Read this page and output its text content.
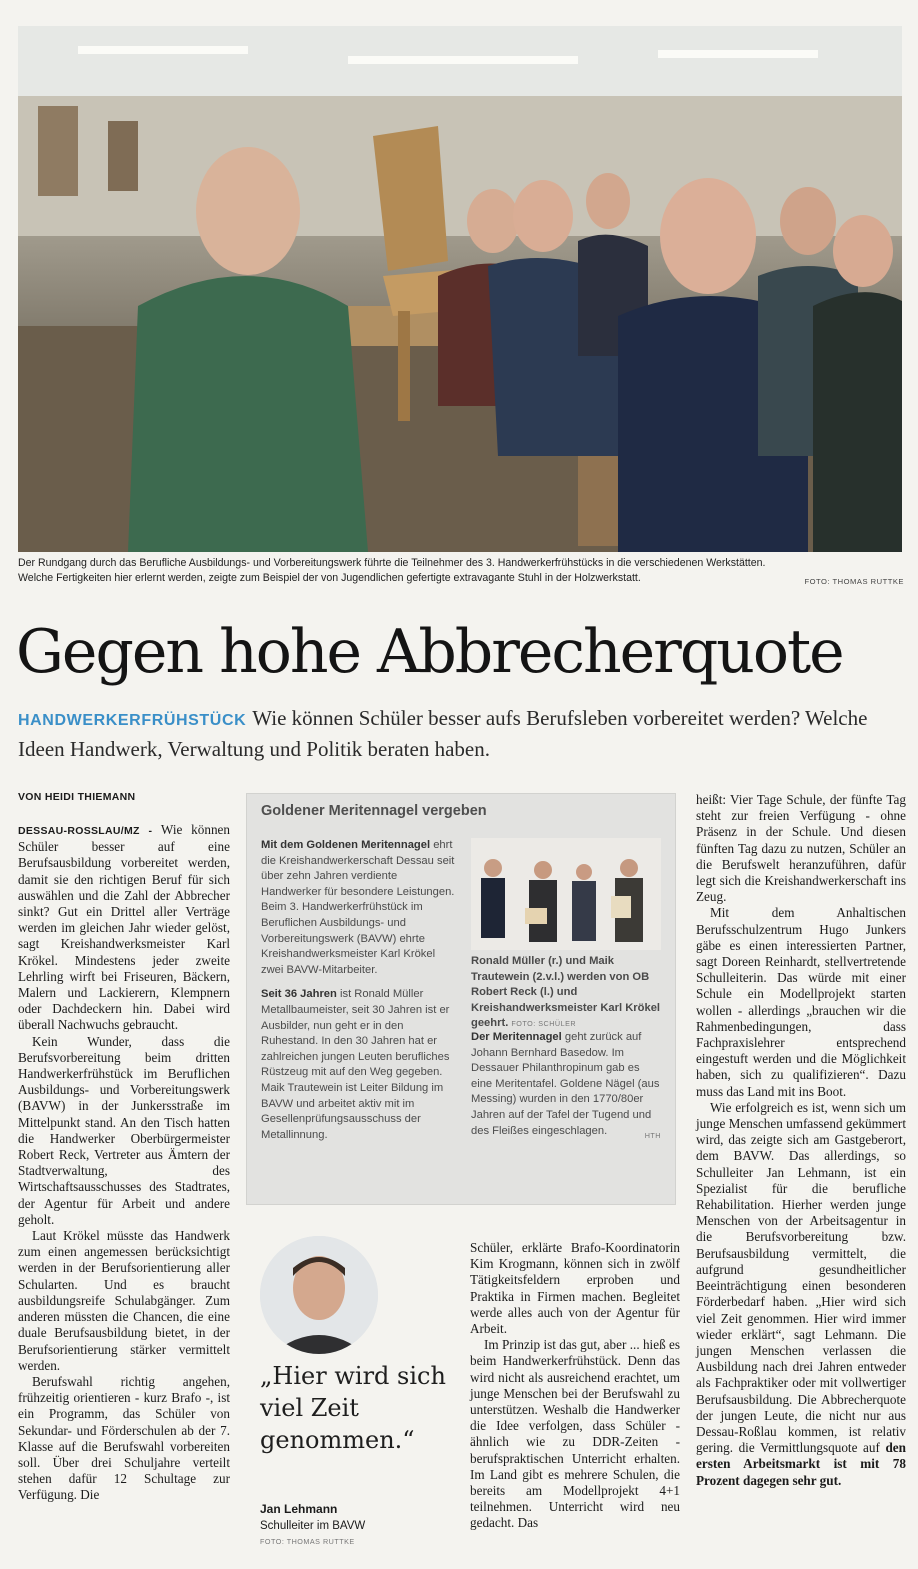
Der Rundgang durch das Berufliche Ausbildungs- und Vorbereitungswerk führte die Teilnehmer des 3. Handwerkerfrühstücks in die verschiedenen Werkstätten.
Welche Fertigkeiten hier erlernt werden, zeigte zum Beispiel der von Jugendlichen gefertigte extravagante Stuhl in der Holzwerkstatt.	FOTO: THOMAS RUTTKE
Gegen hohe Abbrecherquote
HANDWERKERFRÜHSTÜCK Wie können Schüler besser aufs Berufsleben vorbereitet werden? Welche Ideen Handwerk, Verwaltung und Politik beraten haben.
VON HEIDI THIEMANN

DESSAU-ROSSLAU/MZ - Wie können Schüler besser auf eine Berufsausbildung vorbereitet werden, damit sie den richtigen Beruf für sich auswählen und die Zahl der Abbrecher sinkt? Gut ein Drittel aller Verträge werden im gleichen Jahr wieder gelöst, sagt Kreishandwerksmeister Karl Krökel. Mindestens jeder zweite Lehrling wirft bei Friseuren, Bäckern, Malern und Lackierern, Klempnern oder Dachdeckern hin. Dabei wird überall Nachwuchs gebraucht.

Kein Wunder, dass die Berufsvorbereitung beim dritten Handwerkerfrühstück im Beruflichen Ausbildungs- und Vorbereitungswerk (BAVW) in der Junkersstraße im Mittelpunkt stand. An den Tisch hatten die Handwerker Oberbürgermeister Robert Reck, Vertreter aus Ämtern der Stadtverwaltung, des Wirtschaftsausschusses des Stadtrates, der Agentur für Arbeit und andere geholt.

Laut Krökel müsste das Handwerk zum einen angemessen berücksichtigt werden in der Berufsorientierung aller Schularten. Und es braucht ausbildungsreife Schulabgänger. Zum anderen müssten die Chancen, die eine duale Berufsausbildung bietet, in der Berufsorientierung stärker vermittelt werden.

Berufswahl richtig angehen, frühzeitig orientieren - kurz Brafo -, ist ein Programm, das Schüler von Sekundar- und Förderschulen ab der 7. Klasse auf die Berufswahl vorbereiten soll. Über drei Schuljahre verteilt stehen dafür 12 Schultage zur Verfügung. Die

Goldener Meritennagel vergeben

Mit dem Goldenen Meritennagel ehrt die Kreishandwerkerschaft Dessau seit über zehn Jahren verdiente Handwerker für besondere Leistungen. Beim 3. Handwerkerfrühstück im Beruflichen Ausbildungs- und Vorbereitungswerk (BAVW) ehrte Kreishandwerksmeister Karl Krökel zwei BAVW-Mitarbeiter.

Seit 36 Jahren ist Ronald Müller Metallbaumeister, seit 30 Jahren ist er Ausbilder, nun geht er in den Ruhestand. In den 30 Jahren hat er zahlreichen jungen Leuten berufliches Rüstzeug mit auf den Weg gegeben. Maik Trautewein ist Leiter Bildung im BAVW und arbeitet aktiv mit im Gesellenprüfungsausschuss der Metallinnung.

Ronald Müller (r.) und Maik Trautewein (2.v.l.) werden von OB Robert Reck (l.) und Kreishandwerksmeister Karl Krökel geehrt. FOTO: SCHÜLER

Der Meritennagel geht zurück auf Johann Bernhard Basedow. Im Dessauer Philanthropinum gab es eine Meritentafel. Goldene Nägel (aus Messing) wurden in den 1770/80er Jahren auf der Tafel der Tugend und des Fleißes eingeschlagen.	HTH

„Hier wird sich viel Zeit genommen.“
Jan Lehmann
Schulleiter im BAVW
FOTO: THOMAS RUTTKE

Schüler, erklärte Brafo-Koordinatorin Kim Krogmann, können sich in zwölf Tätigkeitsfeldern erproben und Praktika in Firmen machen. Begleitet werde alles auch von der Agentur für Arbeit.

Im Prinzip ist das gut, aber ... hieß es beim Handwerkerfrühstück. Denn das wird nicht als ausreichend erachtet, um junge Menschen bei der Berufswahl zu unterstützen. Weshalb die Handwerker die Idee verfolgen, dass Schüler - ähnlich wie zu DDR-Zeiten - berufspraktischen Unterricht erhalten. Im Land gibt es mehrere Schulen, die bereits am Modellprojekt 4+1 teilnehmen. Unterricht wird neu gedacht. Das

heißt: Vier Tage Schule, der fünfte Tag steht zur freien Verfügung - ohne Präsenz in der Schule. Und diesen fünften Tag dazu zu nutzen, Schüler an die Berufswelt heranzuführen, dafür legt sich die Kreishandwerkerschaft ins Zeug.

Mit dem Anhaltischen Berufsschulzentrum Hugo Junkers gäbe es einen interessierten Partner, sagt Doreen Reinhardt, stellvertretende Schulleiterin. Das würde mit einer Schule ein Modellprojekt starten wollen - allerdings „brauchen wir die Rahmenbedingungen, dass Fachpraxislehrer entsprechend eingestuft werden und die Möglichkeit haben, sich zu qualifizieren“. Dazu muss das Land mit ins Boot.

Wie erfolgreich es ist, wenn sich um junge Menschen umfassend gekümmert wird, das zeigte sich am Gastgeberort, dem BAVW. Das allerdings, so Schulleiter Jan Lehmann, ist ein Spezialist für die berufliche Rehabilitation. Hierher werden junge Menschen von der Arbeitsagentur in die Berufsvorbereitung bzw. Berufsausbildung vermittelt, die aufgrund gesundheitlicher Beeinträchtigung einen besonderen Förderbedarf haben. „Hier wird sich viel Zeit genommen. Hier wird immer wieder erklärt“, sagt Lehmann. Die jungen Menschen verlassen die Ausbildung nach drei Jahren entweder als Fachpraktiker oder mit vollwertiger Berufsausbildung. Die Abbrecherquote der jungen Leute, die nicht nur aus Dessau-Roßlau kommen, ist relativ gering. die Vermittlungsquote auf den ersten Arbeitsmarkt ist mit 78 Prozent dagegen sehr gut.
